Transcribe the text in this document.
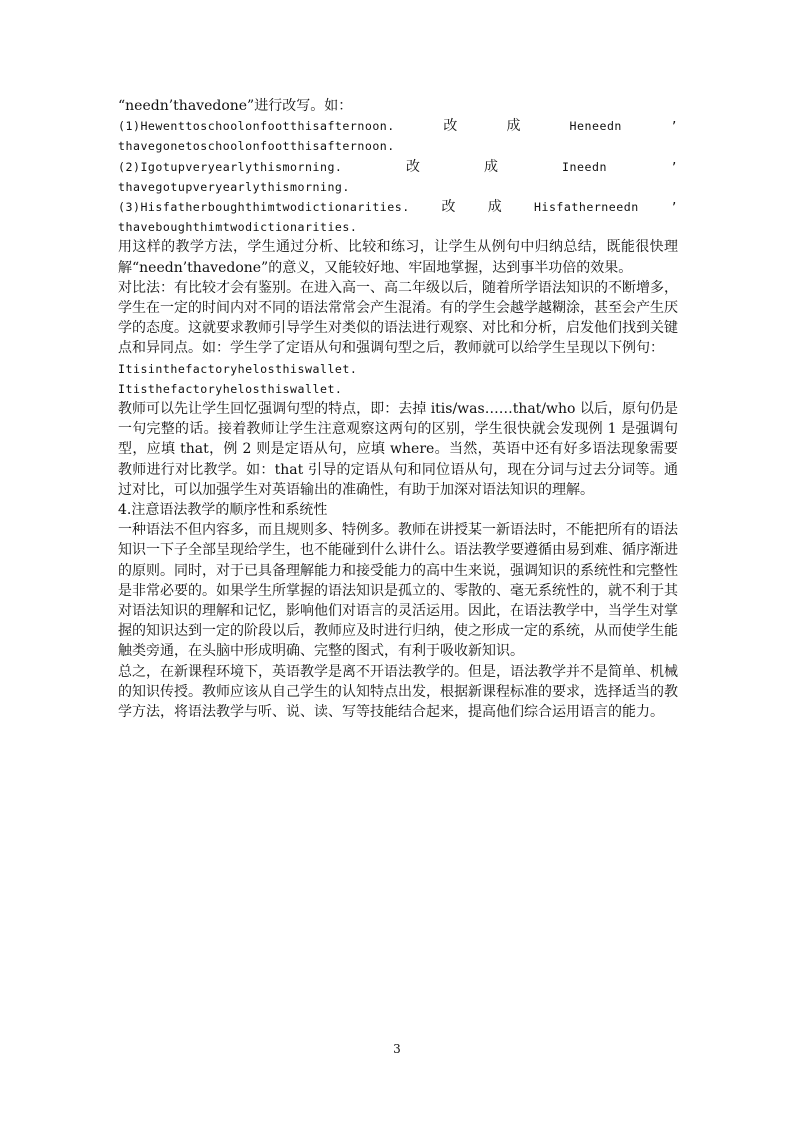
“needn’thavedone”进行改写。如：
(1)Hewenttoschoolonfootthisafternoon.	改	成	Heneedn	’
thavegonetoschoolonfootthisafternoon.
(2)Igotupveryearlythismorning.	改	成	Ineedn	’
thavegotupveryearlythismorning.
(3)Hisfatherboughthimtwodictionarities. 改 成	Hisfatherneedn	’
thaveboughthimtwodictionarities.

用这样的教学方法，学生通过分析、比较和练习，让学生从例句中归纳总结，既能很快理解“needn’thavedone”的意义，又能较好地、牢固地掌握，达到事半功倍的效果。

对比法：有比较才会有鉴别。在进入高一、高二年级以后，随着所学语法知识的不断增多，学生在一定的时间内对不同的语法常常会产生混淆。有的学生会越学越糊涂，甚至会产生厌学的态度。这就要求教师引导学生对类似的语法进行观察、对比和分析，启发他们找到关键点和异同点。如：学生学了定语从句和强调句型之后，教师就可以给学生呈现以下例句：

Itisinthefactoryhelosthiswallet.
Itisthefactoryhelosthiswallet.

教师可以先让学生回忆强调句型的特点，即：去掉 itis/was……that/who 以后，原句仍是一句完整的话。接着教师让学生注意观察这两句的区别，学生很快就会发现例 1 是强调句型，应填 that，例 2 则是定语从句，应填 where。当然，英语中还有好多语法现象需要教师进行对比教学。如：that 引导的定语从句和同位语从句，现在分词与过去分词等。通过对比，可以加强学生对英语输出的准确性，有助于加深对语法知识的理解。

4.注意语法教学的顺序性和系统性

一种语法不但内容多，而且规则多、特例多。教师在讲授某一新语法时，不能把所有的语法知识一下子全部呈现给学生，也不能碰到什么讲什么。语法教学要遵循由易到难、循序渐进的原则。同时，对于已具备理解能力和接受能力的高中生来说，强调知识的系统性和完整性是非常必要的。如果学生所掌握的语法知识是孤立的、零散的、毫无系统性的，就不利于其对语法知识的理解和记忆，影响他们对语言的灵活运用。因此，在语法教学中，当学生对掌握的知识达到一定的阶段以后，教师应及时进行归纳，使之形成一定的系统，从而使学生能触类旁通，在头脑中形成明确、完整的图式，有利于吸收新知识。

总之，在新课程环境下，英语教学是离不开语法教学的。但是，语法教学并不是简单、机械的知识传授。教师应该从自己学生的认知特点出发，根据新课程标准的要求，选择适当的教学方法，将语法教学与听、说、读、写等技能结合起来，提高他们综合运用语言的能力。

3
